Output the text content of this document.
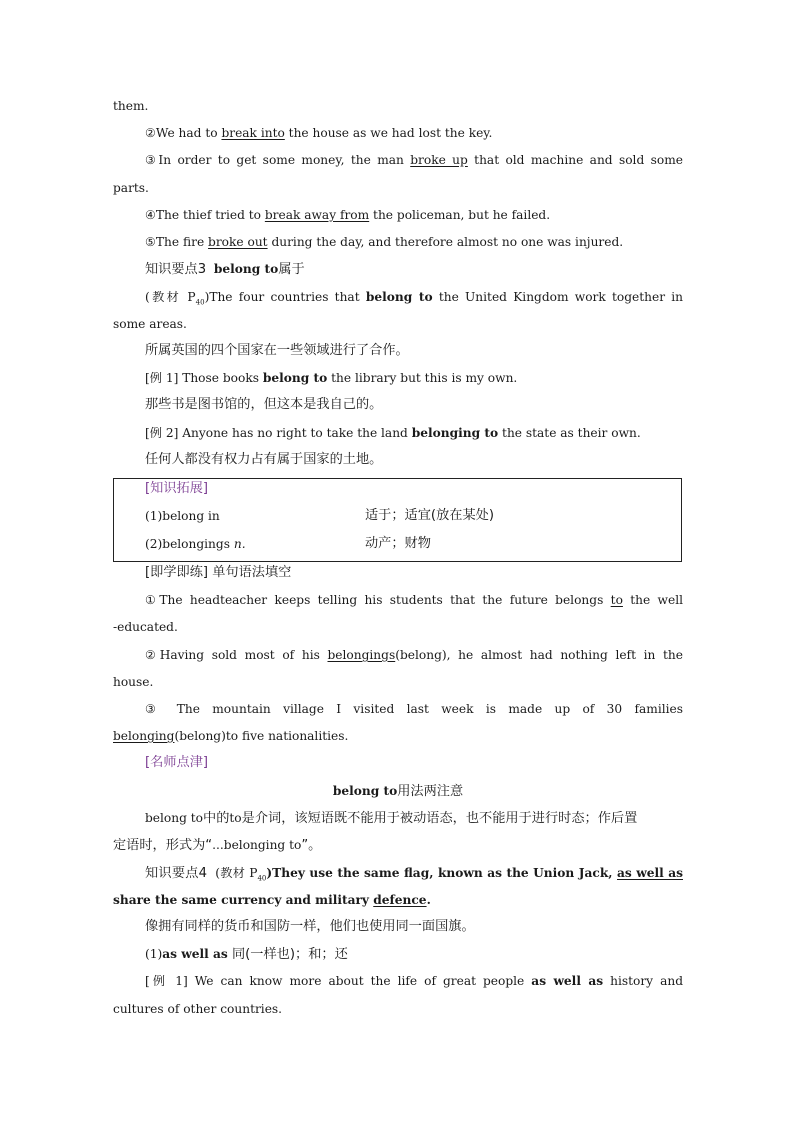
them.
②We had to break into the house as we had lost the key.
③In order to get some money, the man broke up that old machine and sold some
parts.
④The thief tried to break away from the policeman, but he failed.
⑤The fire broke out during the day, and therefore almost no one was injured.
知识要点3 belong to属于
(教材 $P_{40})The$ four countries that belong to the United Kingdom work together in
some areas.
所属英国的四个国家在一些领域进行了合作。
[例 1] Those books belong to the library but this is my own.
那些书是图书馆的，但这本是我自己的。
[例 2] Anyone has no right to take the land belonging to the state as their own.
任何人都没有权力占有属于国家的土地。
[知识拓展]
(1)belong in	适于；适宜(放在某处)
(2)belongings n.	动产；财物
[即学即练] 单句语法填空
①The headteacher keeps telling his students that the future belongs to the well
-educated.
②Having sold most of his belongings(belong), he almost had nothing left in the
house.
③ The mountain village I visited last week is made up of 30 families
belonging(belong)to five nationalities.
[名师点津]
belong to用法两注意
belong to中的to是介词，该短语既不能用于被动语态，也不能用于进行时态；作后置
定语时，形式为“...belonging to”。
知识要点4 (教材 $P_{40})They$ use the same flag, known as the Union Jack, as well as
share the same currency and military defence.
像拥有同样的货币和国防一样，他们也使用同一面国旗。
(1)as well as 同(一样也)；和；还
[例 1] We can know more about the life of great people as well as history and
cultures of other countries.
